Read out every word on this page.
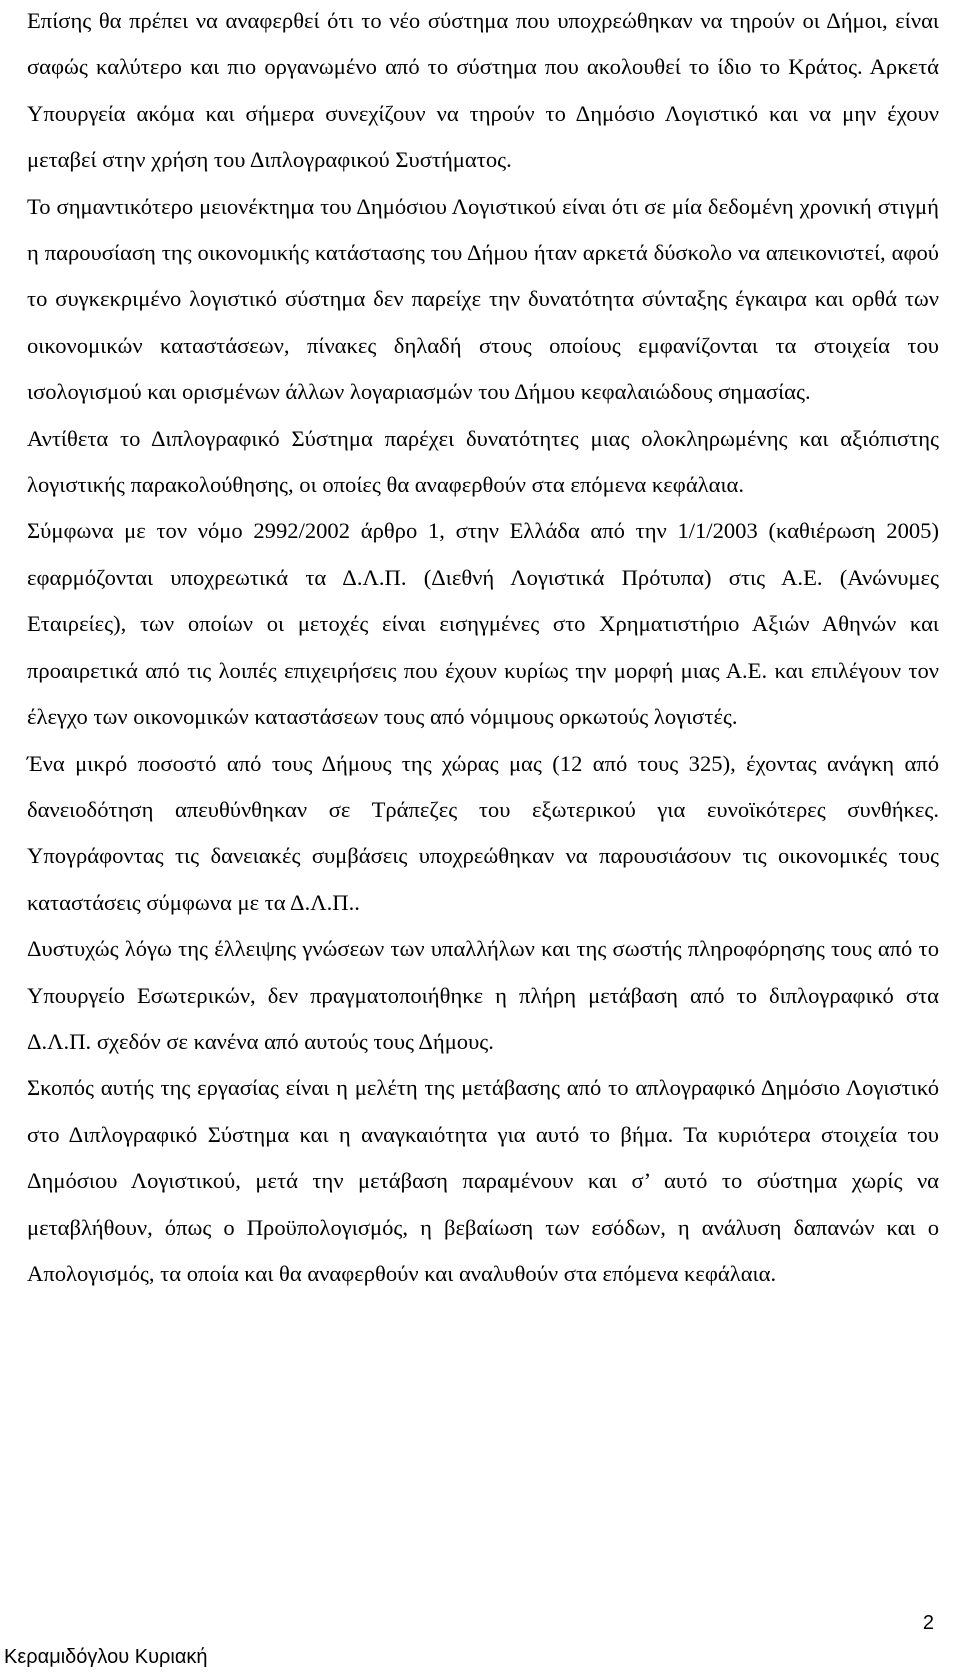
Επίσης θα πρέπει να αναφερθεί ότι το νέο σύστημα που υποχρεώθηκαν να τηρούν οι Δήμοι, είναι σαφώς καλύτερο και πιο οργανωμένο από το σύστημα που ακολουθεί το ίδιο το Κράτος. Αρκετά Υπουργεία ακόμα και σήμερα συνεχίζουν να τηρούν το Δημόσιο Λογιστικό και να μην έχουν μεταβεί στην χρήση του Διπλογραφικού Συστήματος.

Το σημαντικότερο μειονέκτημα του Δημόσιου Λογιστικού είναι ότι σε μία δεδομένη χρονική στιγμή η παρουσίαση της οικονομικής κατάστασης του Δήμου ήταν αρκετά δύσκολο να απεικονιστεί, αφού το συγκεκριμένο λογιστικό σύστημα δεν παρείχε την δυνατότητα σύνταξης έγκαιρα και ορθά των οικονομικών καταστάσεων, πίνακες δηλαδή στους οποίους εμφανίζονται τα στοιχεία του ισολογισμού και ορισμένων άλλων λογαριασμών του Δήμου κεφαλαιώδους σημασίας.

Αντίθετα το Διπλογραφικό Σύστημα παρέχει δυνατότητες μιας ολοκληρωμένης και αξιόπιστης λογιστικής παρακολούθησης, οι οποίες θα αναφερθούν στα επόμενα κεφάλαια.

Σύμφωνα με τον νόμο 2992/2002 άρθρο 1, στην Ελλάδα από την 1/1/2003 (καθιέρωση 2005) εφαρμόζονται υποχρεωτικά τα Δ.Λ.Π. (Διεθνή Λογιστικά Πρότυπα) στις Α.Ε. (Ανώνυμες Εταιρείες), των οποίων οι μετοχές είναι εισηγμένες στο Χρηματιστήριο Αξιών Αθηνών και προαιρετικά από τις λοιπές επιχειρήσεις που έχουν κυρίως την μορφή μιας Α.Ε. και επιλέγουν τον έλεγχο των οικονομικών καταστάσεων τους από νόμιμους ορκωτούς λογιστές.

Ένα μικρό ποσοστό από τους Δήμους της χώρας μας (12 από τους 325), έχοντας ανάγκη από δανειοδότηση απευθύνθηκαν σε Τράπεζες του εξωτερικού για ευνοϊκότερες συνθήκες. Υπογράφοντας τις δανειακές συμβάσεις υποχρεώθηκαν να παρουσιάσουν τις οικονομικές τους καταστάσεις σύμφωνα με τα Δ.Λ.Π..

Δυστυχώς λόγω της έλλειψης γνώσεων των υπαλλήλων και της σωστής πληροφόρησης τους από το Υπουργείο Εσωτερικών, δεν πραγματοποιήθηκε η πλήρη μετάβαση από το διπλογραφικό στα Δ.Λ.Π. σχεδόν σε κανένα από αυτούς τους Δήμους.

Σκοπός αυτής της εργασίας είναι η μελέτη της μετάβασης από το απλογραφικό Δημόσιο Λογιστικό στο Διπλογραφικό Σύστημα και η αναγκαιότητα για αυτό το βήμα. Τα κυριότερα στοιχεία του Δημόσιου Λογιστικού, μετά την μετάβαση παραμένουν και σ’ αυτό το σύστημα χωρίς να μεταβλήθουν, όπως ο Προϋπολογισμός, η βεβαίωση των εσόδων, η ανάλυση δαπανών και ο Απολογισμός, τα οποία και θα αναφερθούν και αναλυθούν στα επόμενα κεφάλαια.

2
Κεραμιδόγλου Κυριακή
